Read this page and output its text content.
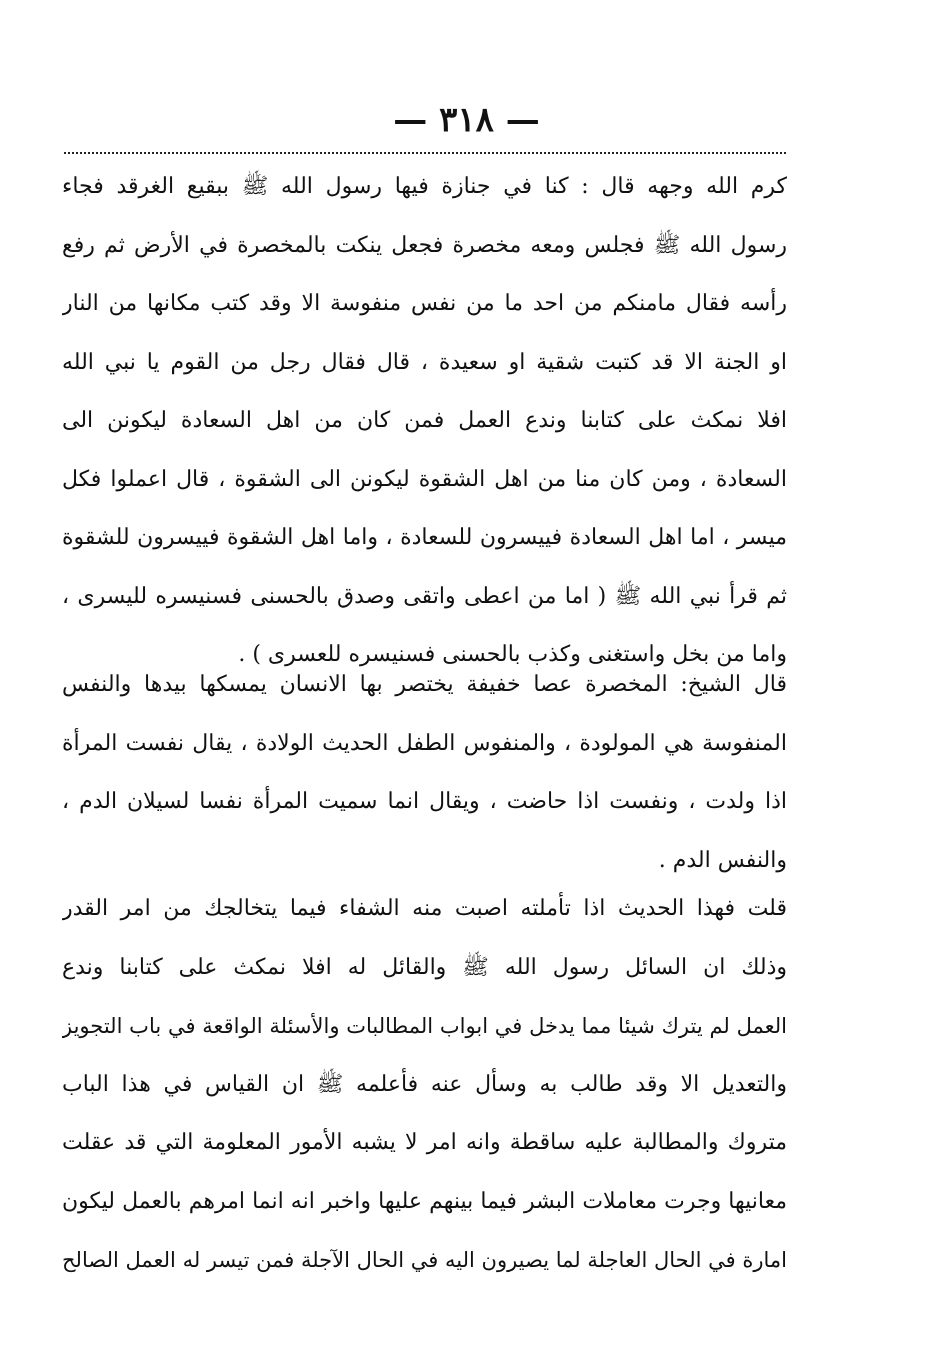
— ٣١٨ —
كرم الله وجهه قال : كنا في جنازة فيها رسول الله ﷺ ببقيع الغرقد فجاء
رسول الله ﷺ فجلس ومعه مخصرة فجعل ينكت بالمخصرة في الأرض ثم رفع
رأسه فقال مامنكم من احد ما من نفس منفوسة الا وقد كتب مكانها من النار
او الجنة الا قد كتبت شقية او سعيدة ، قال فقال رجل من القوم يا نبي الله
افلا نمكث على كتابنا وندع العمل فمن كان من اهل السعادة ليكونن الى
السعادة ، ومن كان منا من اهل الشقوة ليكونن الى الشقوة ، قال اعملوا فكل
ميسر ، اما اهل السعادة فييسرون للسعادة ، واما اهل الشقوة فييسرون للشقوة
ثم قرأ نبي الله ﷺ ( اما من اعطى واتقى وصدق بالحسنى فسنيسره لليسرى ،
واما من بخل واستغنى وكذب بالحسنى فسنيسره للعسرى ) .
قال الشيخ: المخصرة عصا خفيفة يختصر بها الانسان يمسكها بيدها والنفس
المنفوسة هي المولودة ، والمنفوس الطفل الحديث الولادة ، يقال نفست المرأة
اذا ولدت ، ونفست اذا حاضت ، ويقال انما سميت المرأة نفسا لسيلان الدم ،
والنفس الدم .
قلت فهذا الحديث اذا تأملته اصبت منه الشفاء فيما يتخالجك من امر القدر
وذلك ان السائل رسول الله ﷺ والقائل له افلا نمكث على كتابنا وندع
العمل لم يترك شيئا مما يدخل في ابواب المطالبات والأسئلة الواقعة في باب التجويز
والتعديل الا وقد طالب به وسأل عنه فأعلمه ﷺ ان القياس في هذا الباب
متروك والمطالبة عليه ساقطة وانه امر لا يشبه الأمور المعلومة التي قد عقلت
معانيها وجرت معاملات البشر فيما بينهم عليها واخبر انه انما امرهم بالعمل ليكون
امارة في الحال العاجلة لما يصيرون اليه في الحال الآجلة فمن تيسر له العمل الصالح
